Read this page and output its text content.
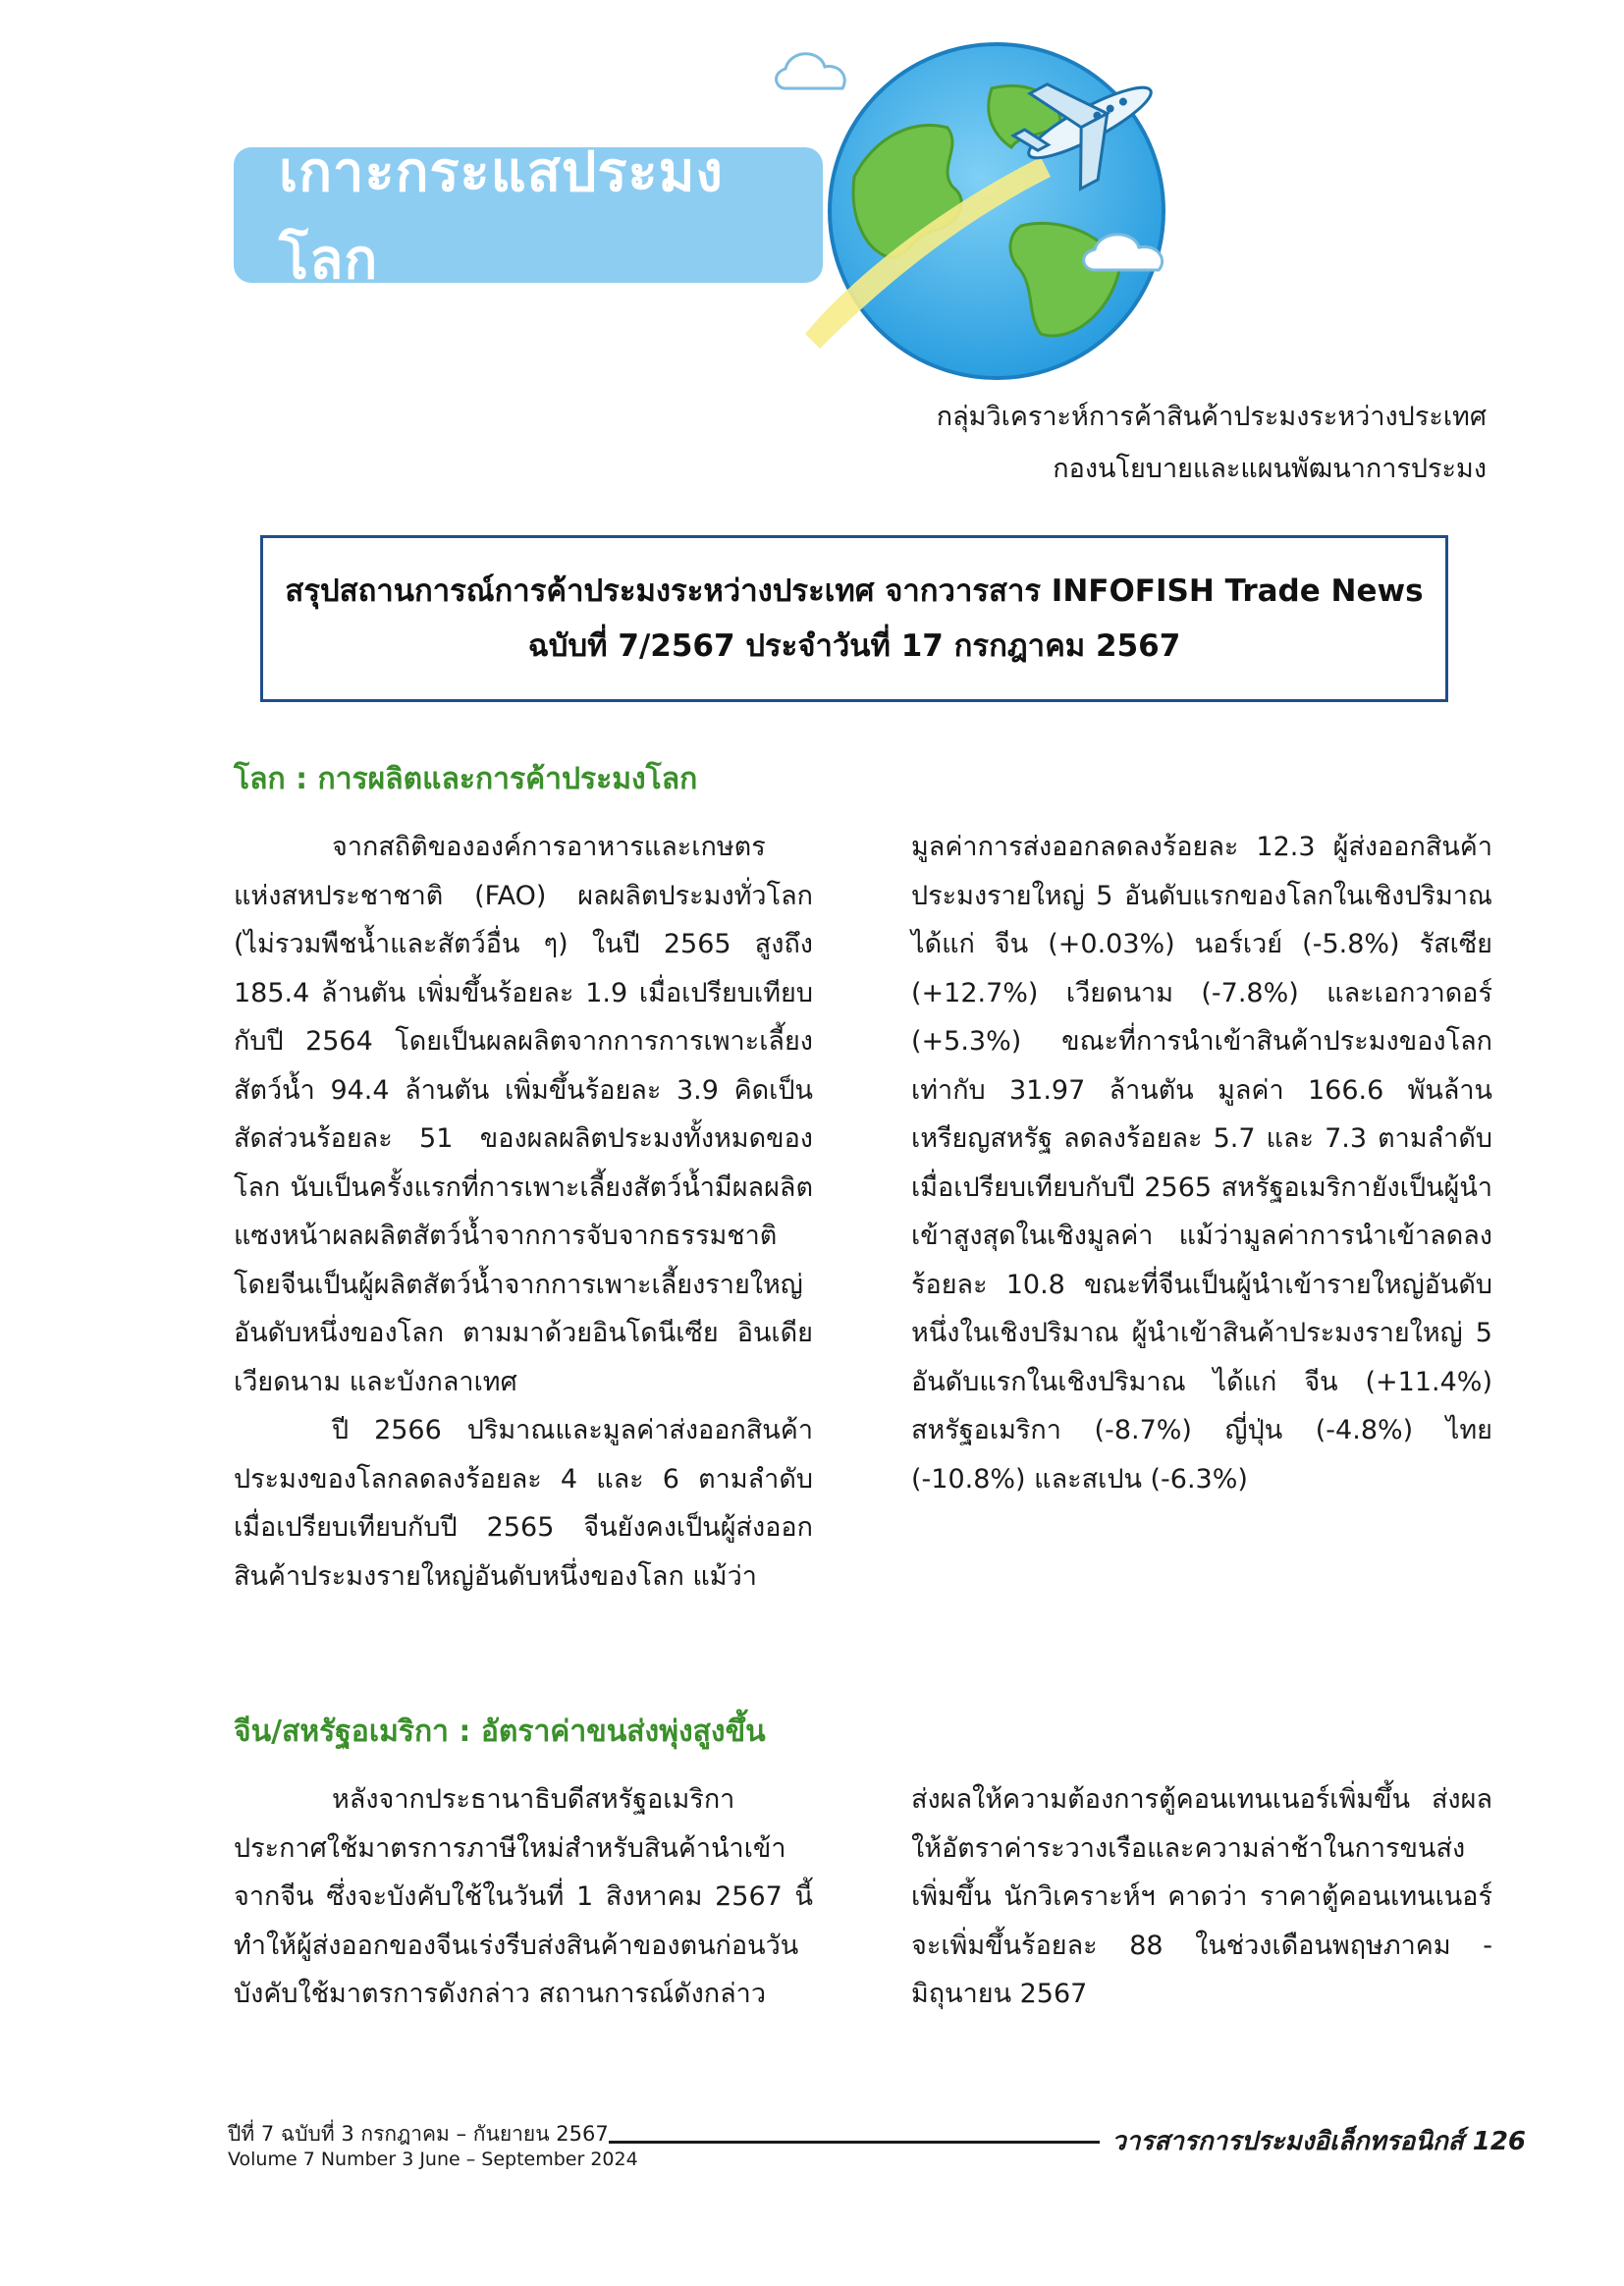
เกาะกระแสประมงโลก
กลุ่มวิเคราะห์การค้าสินค้าประมงระหว่างประเทศ
กองนโยบายและแผนพัฒนาการประมง
สรุปสถานการณ์การค้าประมงระหว่างประเทศ จากวารสาร INFOFISH Trade News
ฉบับที่ 7/2567 ประจำวันที่ 17 กรกฎาคม 2567
โลก : การผลิตและการค้าประมงโลก

จากสถิติขององค์การอาหารและเกษตรแห่งสหประชาชาติ (FAO) ผลผลิตประมงทั่วโลก (ไม่รวมพืชน้ำและสัตว์อื่น ๆ) ในปี 2565 สูงถึง 185.4 ล้านตัน เพิ่มขึ้นร้อยละ 1.9 เมื่อเปรียบเทียบกับปี 2564 โดยเป็นผลผลิตจากการการเพาะเลี้ยงสัตว์น้ำ 94.4 ล้านตัน เพิ่มขึ้นร้อยละ 3.9 คิดเป็นสัดส่วนร้อยละ 51 ของผลผลิตประมงทั้งหมดของโลก นับเป็นครั้งแรกที่การเพาะเลี้ยงสัตว์น้ำมีผลผลิตแซงหน้าผลผลิตสัตว์น้ำจากการจับจากธรรมชาติ โดยจีนเป็นผู้ผลิตสัตว์น้ำจากการเพาะเลี้ยงรายใหญ่อันดับหนึ่งของโลก ตามมาด้วยอินโดนีเซีย อินเดีย เวียดนาม และบังกลาเทศ

ปี 2566 ปริมาณและมูลค่าส่งออกสินค้าประมงของโลกลดลงร้อยละ 4 และ 6 ตามลำดับ เมื่อเปรียบเทียบกับปี 2565 จีนยังคงเป็นผู้ส่งออกสินค้าประมงรายใหญ่อันดับหนึ่งของโลก แม้ว่า

มูลค่าการส่งออกลดลงร้อยละ 12.3 ผู้ส่งออกสินค้าประมงรายใหญ่ 5 อันดับแรกของโลกในเชิงปริมาณ ได้แก่ จีน (+0.03%) นอร์เวย์ (-5.8%) รัสเซีย (+12.7%) เวียดนาม (-7.8%) และเอกวาดอร์ (+5.3%) ขณะที่การนำเข้าสินค้าประมงของโลกเท่ากับ 31.97 ล้านตัน มูลค่า 166.6 พันล้านเหรียญสหรัฐ ลดลงร้อยละ 5.7 และ 7.3 ตามลำดับ เมื่อเปรียบเทียบกับปี 2565 สหรัฐอเมริกายังเป็นผู้นำเข้าสูงสุดในเชิงมูลค่า แม้ว่ามูลค่าการนำเข้าลดลงร้อยละ 10.8 ขณะที่จีนเป็นผู้นำเข้ารายใหญ่อันดับหนึ่งในเชิงปริมาณ ผู้นำเข้าสินค้าประมงรายใหญ่ 5 อันดับแรกในเชิงปริมาณ ได้แก่ จีน (+11.4%) สหรัฐอเมริกา (-8.7%) ญี่ปุ่น (-4.8%) ไทย (-10.8%) และสเปน (-6.3%)

จีน/สหรัฐอเมริกา : อัตราค่าขนส่งพุ่งสูงขึ้น

หลังจากประธานาธิบดีสหรัฐอเมริกาประกาศใช้มาตรการภาษีใหม่สำหรับสินค้านำเข้าจากจีน ซึ่งจะบังคับใช้ในวันที่ 1 สิงหาคม 2567 นี้ ทำให้ผู้ส่งออกของจีนเร่งรีบส่งสินค้าของตนก่อนวันบังคับใช้มาตรการดังกล่าว สถานการณ์ดังกล่าว

ส่งผลให้ความต้องการตู้คอนเทนเนอร์เพิ่มขึ้น ส่งผลให้อัตราค่าระวางเรือและความล่าช้าในการขนส่งเพิ่มขึ้น นักวิเคราะห์ฯ คาดว่า ราคาตู้คอนเทนเนอร์จะเพิ่มขึ้นร้อยละ 88 ในช่วงเดือนพฤษภาคม - มิถุนายน 2567

ปีที่ 7 ฉบับที่ 3 กรกฎาคม – กันยายน 2567
Volume 7 Number 3 June – September 2024
วารสารการประมงอิเล็กทรอนิกส์ 126
